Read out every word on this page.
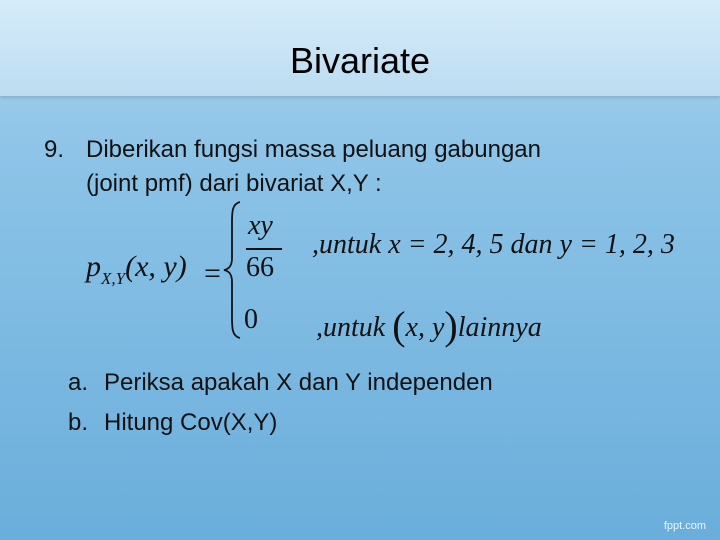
Bivariate
9. Diberikan fungsi massa peluang gabungan
(joint pmf) dari bivariat X,Y :
$p_{X,Y}(x$, y) =
xy
66
0
,untuk x = 2, 4, 5 dan y = 1, 2, 3
,untuk (x, y)lainnya
a. Periksa apakah X dan Y independen
b. Hitung Cov(X,Y)
fppt.com
